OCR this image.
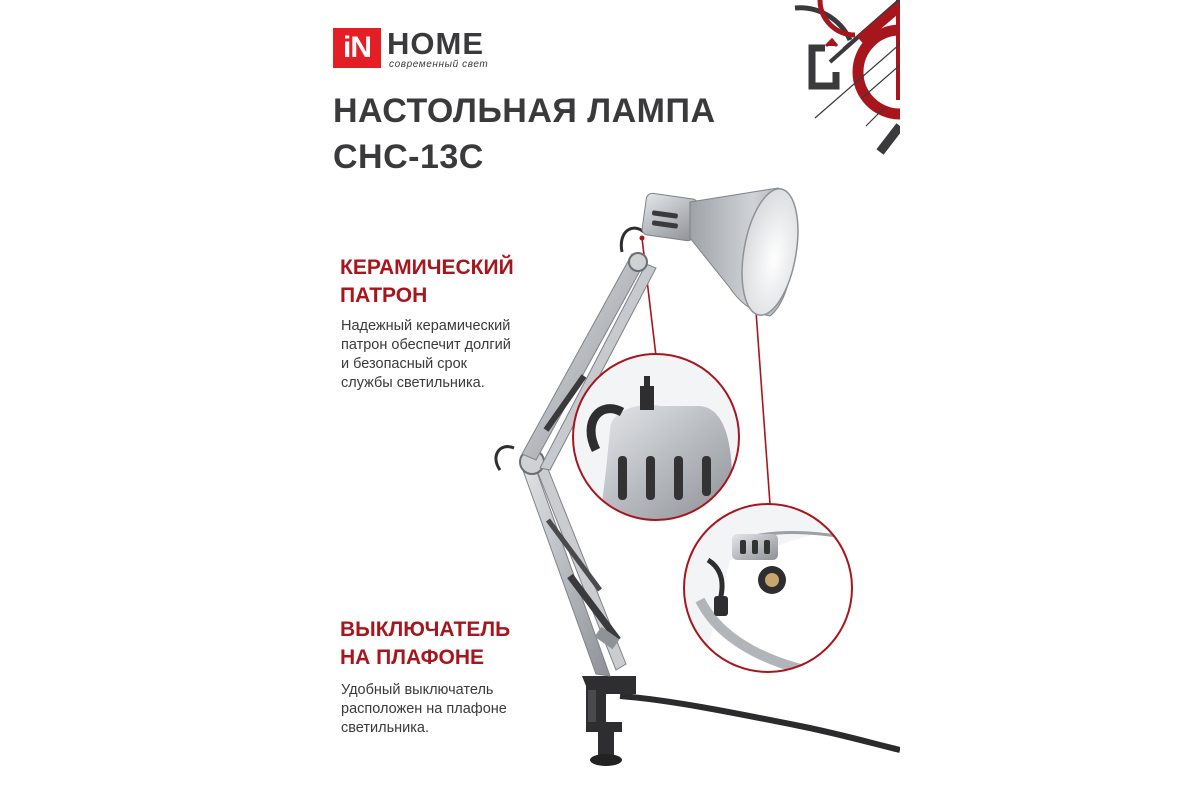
iN HOME
современный свет
НАСТОЛЬНАЯ ЛАМПА
СНС-13С
КЕРАМИЧЕСКИЙ
ПАТРОН
Надежный керамический
патрон обеспечит долгий
и безопасный срок
службы светильника.
ВЫКЛЮЧАТЕЛЬ
НА ПЛАФОНЕ
Удобный выключатель
расположен на плафоне
светильника.
